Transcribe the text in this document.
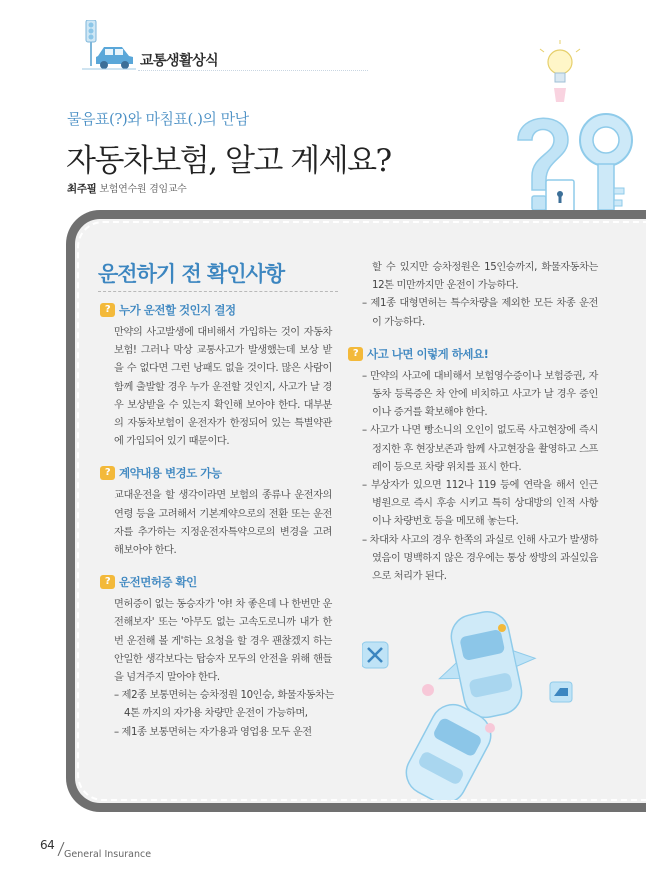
교통생활상식
물음표(?)와 마침표(.)의 만남
자동차보험, 알고 계세요?
최주필 보험연수원 겸임교수
운전하기 전 확인사항
? 누가 운전할 것인지 결정

만약의 사고발생에 대비해서 가입하는 것이 자동차보험! 그러나 막상 교통사고가 발생했는데 보상 받을 수 없다면 그런 낭패도 없을 것이다. 많은 사람이 함께 출발할 경우 누가 운전할 것인지, 사고가 날 경우 보상받을 수 있는지 확인해 보아야 한다. 대부분의 자동차보험이 운전자가 한정되어 있는 특별약관에 가입되어 있기 때문이다.

? 계약내용 변경도 가능

교대운전을 할 생각이라면 보험의 종류나 운전자의 연령 등을 고려해서 기본계약으로의 전환 또는 운전자를 추가하는 지정운전자특약으로의 변경을 고려해보아야 한다.

? 운전면허증 확인

면허증이 없는 동승자가 '야! 차 좋은데 나 한번만 운전해보자' 또는 '아무도 없는 고속도로니까 내가 한번 운전해 볼 게'하는 요청을 할 경우 괜찮겠지 하는 안일한 생각보다는 탑승자 모두의 안전을 위해 핸들을 넘겨주지 말아야 한다.

– 제2종 보통면허는 승차정원 10인승, 화물자동차는 4톤 까지의 자가용 차량만 운전이 가능하며,

– 제1종 보통면허는 자가용과 영업용 모두 운전

할 수 있지만 승차정원은 15인승까지, 화물자동차는 12톤 미만까지만 운전이 가능하다.

– 제1종 대형면허는 특수차량을 제외한 모든 차종 운전이 가능하다.

? 사고 나면 이렇게 하세요!

– 만약의 사고에 대비해서 보험영수증이나 보험증권, 자동차 등록증은 차 안에 비치하고 사고가 날 경우 증인이나 증거를 확보해야 한다.

– 사고가 나면 빵소니의 오인이 없도록 사고현장에 즉시 정지한 후 현장보존과 함께 사고현장을 촬영하고 스프레이 등으로 차량 위치를 표시 한다.

– 부상자가 있으면 112나 119 등에 연락을 해서 인근 병원으로 즉시 후송 시키고 특히 상대방의 인적 사항이나 차량번호 등을 메모해 놓는다.

– 차대차 사고의 경우 한쪽의 과실로 인해 사고가 발생하였음이 명백하지 않은 경우에는 통상 쌍방의 과실있음으로 처리가 된다.

64
General Insurance
